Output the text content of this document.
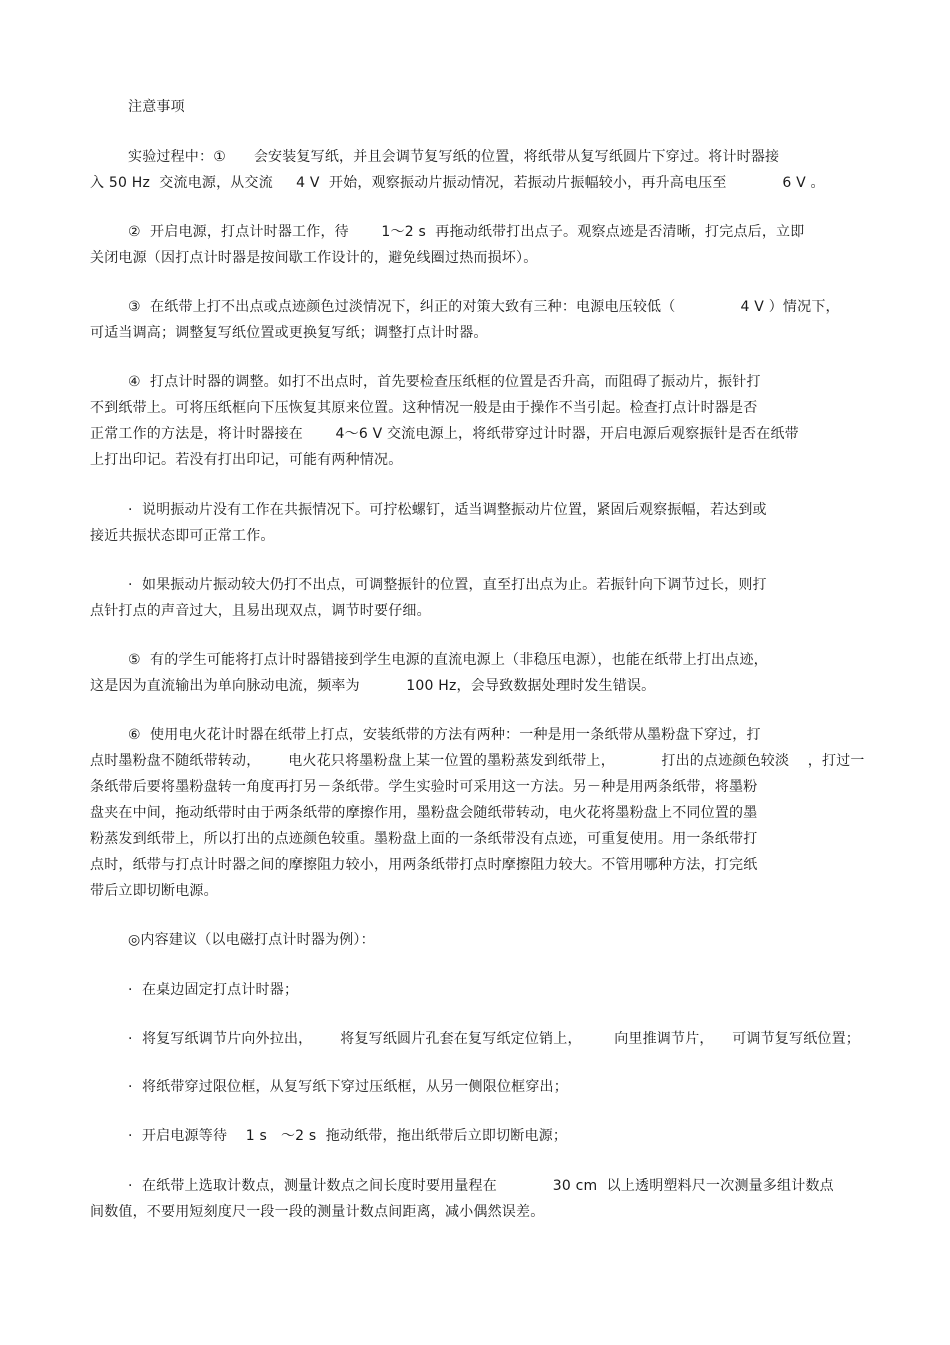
注意事项
实验过程中：①      会安装复写纸，并且会调节复写纸的位置，将纸带从复写纸圆片下穿过。将计时器接
入 50 Hz  交流电源，从交流     4 V  开始，观察振动片振动情况，若振动片振幅较小，再升高电压至            6 V 。
②  开启电源，打点计时器工作，待       1～2 s  再拖动纸带打出点子。观察点迹是否清晰，打完点后，立即
关闭电源（因打点计时器是按间歇工作设计的，避免线圈过热而损坏）。
③  在纸带上打不出点或点迹颜色过淡情况下，纠正的对策大致有三种：电源电压较低（              4 V ）情况下，
可适当调高；调整复写纸位置或更换复写纸；调整打点计时器。
④  打点计时器的调整。如打不出点时，首先要检查压纸框的位置是否升高，而阻碍了振动片，振针打
不到纸带上。可将压纸框向下压恢复其原来位置。这种情况一般是由于操作不当引起。检查打点计时器是否
正常工作的方法是，将计时器接在       4～6 V 交流电源上，将纸带穿过计时器，开启电源后观察振针是否在纸带
上打出印记。若没有打出印记，可能有两种情况。
·  说明振动片没有工作在共振情况下。可拧松螺钉，适当调整振动片位置，紧固后观察振幅，若达到或
接近共振状态即可正常工作。
·  如果振动片振动较大仍打不出点，可调整振针的位置，直至打出点为止。若振针向下调节过长，则打
点针打点的声音过大，且易出现双点，调节时要仔细。
⑤  有的学生可能将打点计时器错接到学生电源的直流电源上（非稳压电源），也能在纸带上打出点迹，
这是因为直流输出为单向脉动电流，频率为          100 Hz，会导致数据处理时发生错误。
⑥  使用电火花计时器在纸带上打点，安装纸带的方法有两种：一种是用一条纸带从墨粉盘下穿过，打
点时墨粉盘不随纸带转动，      电火花只将墨粉盘上某一位置的墨粉蒸发到纸带上，          打出的点迹颜色较淡    ，打过一
条纸带后要将墨粉盘转一角度再打另－条纸带。学生实验时可采用这一方法。另－种是用两条纸带，将墨粉
盘夹在中间，拖动纸带时由于两条纸带的摩擦作用，墨粉盘会随纸带转动，电火花将墨粉盘上不同位置的墨
粉蒸发到纸带上，所以打出的点迹颜色较重。墨粉盘上面的一条纸带没有点迹，可重复使用。用一条纸带打
点时，纸带与打点计时器之间的摩擦阻力较小，用两条纸带打点时摩擦阻力较大。不管用哪种方法，打完纸
带后立即切断电源。
◎内容建议（以电磁打点计时器为例）：
·  在桌边固定打点计时器；
·  将复写纸调节片向外拉出，      将复写纸圆片孔套在复写纸定位销上，       向里推调节片，    可调节复写纸位置；
·  将纸带穿过限位框，从复写纸下穿过压纸框，从另一侧限位框穿出；
·  开启电源等待    1 s   ～2 s  拖动纸带，拖出纸带后立即切断电源；
·  在纸带上选取计数点，测量计数点之间长度时要用量程在            30 cm  以上透明塑料尺一次测量多组计数点
间数值，不要用短刻度尺一段一段的测量计数点间距离，减小偶然误差。
